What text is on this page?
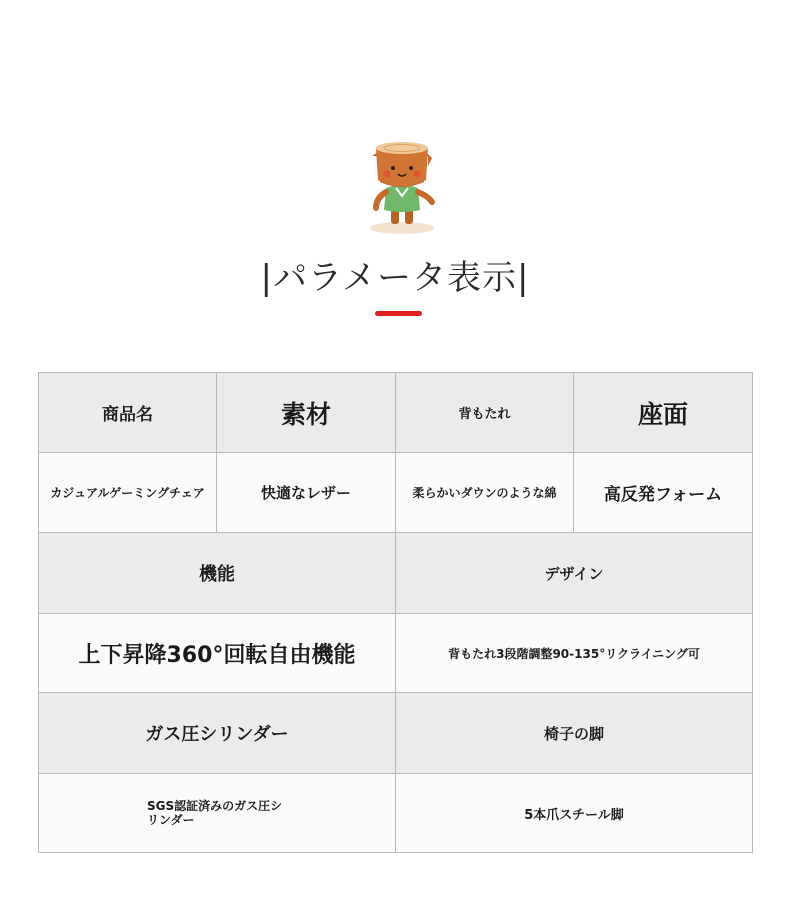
|パラメータ表示|
商品名	素材	背もたれ	座面
カジュアルゲーミングチェア	快適なレザー	柔らかいダウンのような綿	高反発フォーム
機能		デザイン	
上下昇降360°回転自由機能		背もたれ3段階調整90-135°リクライニング可	
ガス圧シリンダー		椅子の脚	
SGS認証済みのガス圧シリンダー		5本爪スチール脚	
